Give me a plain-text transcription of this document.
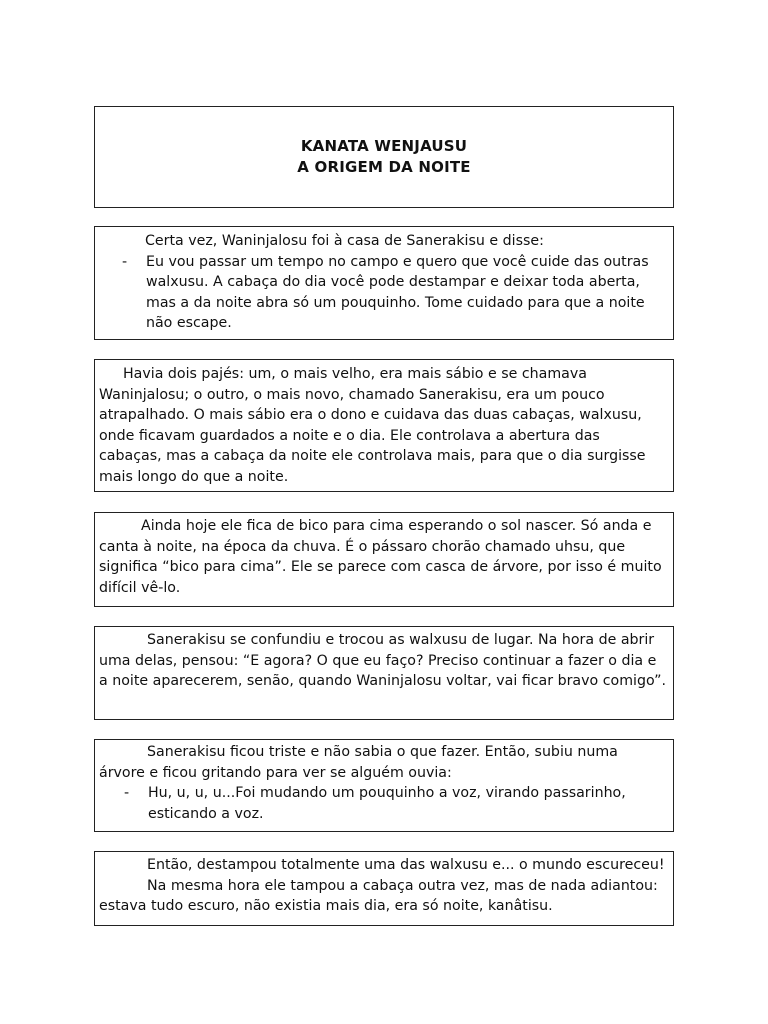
KANATA WENJAUSU
A ORIGEM DA NOITE

Certa vez, Waninjalosu foi à casa de Sanerakisu e disse:

- Eu vou passar um tempo no campo e quero que você cuide das outras walxusu. A cabaça do dia você pode destampar e deixar toda aberta, mas a da noite abra só um pouquinho. Tome cuidado para que a noite não escape.

Havia dois pajés: um, o mais velho, era mais sábio e se chamava Waninjalosu; o outro, o mais novo, chamado Sanerakisu, era um pouco atrapalhado. O mais sábio era o dono e cuidava das duas cabaças, walxusu, onde ficavam guardados a noite e o dia. Ele controlava a abertura das cabaças, mas a cabaça da noite ele controlava mais, para que o dia surgisse mais longo do que a noite.

Ainda hoje ele fica de bico para cima esperando o sol nascer. Só anda e canta à noite, na época da chuva. É o pássaro chorão chamado uhsu, que significa “bico para cima”. Ele se parece com casca de árvore, por isso é muito difícil vê-lo.

Sanerakisu se confundiu e trocou as walxusu de lugar. Na hora de abrir uma delas, pensou: “E agora? O que eu faço? Preciso continuar a fazer o dia e a noite aparecerem, senão, quando Waninjalosu voltar, vai ficar bravo comigo”.

Sanerakisu ficou triste e não sabia o que fazer. Então, subiu numa árvore e ficou gritando para ver se alguém ouvia:

- Hu, u, u, u...Foi mudando um pouquinho a voz, virando passarinho, esticando a voz.

Então, destampou totalmente uma das walxusu e... o mundo escureceu!

Na mesma hora ele tampou a cabaça outra vez, mas de nada adiantou: estava tudo escuro, não existia mais dia, era só noite, kanâtisu.
